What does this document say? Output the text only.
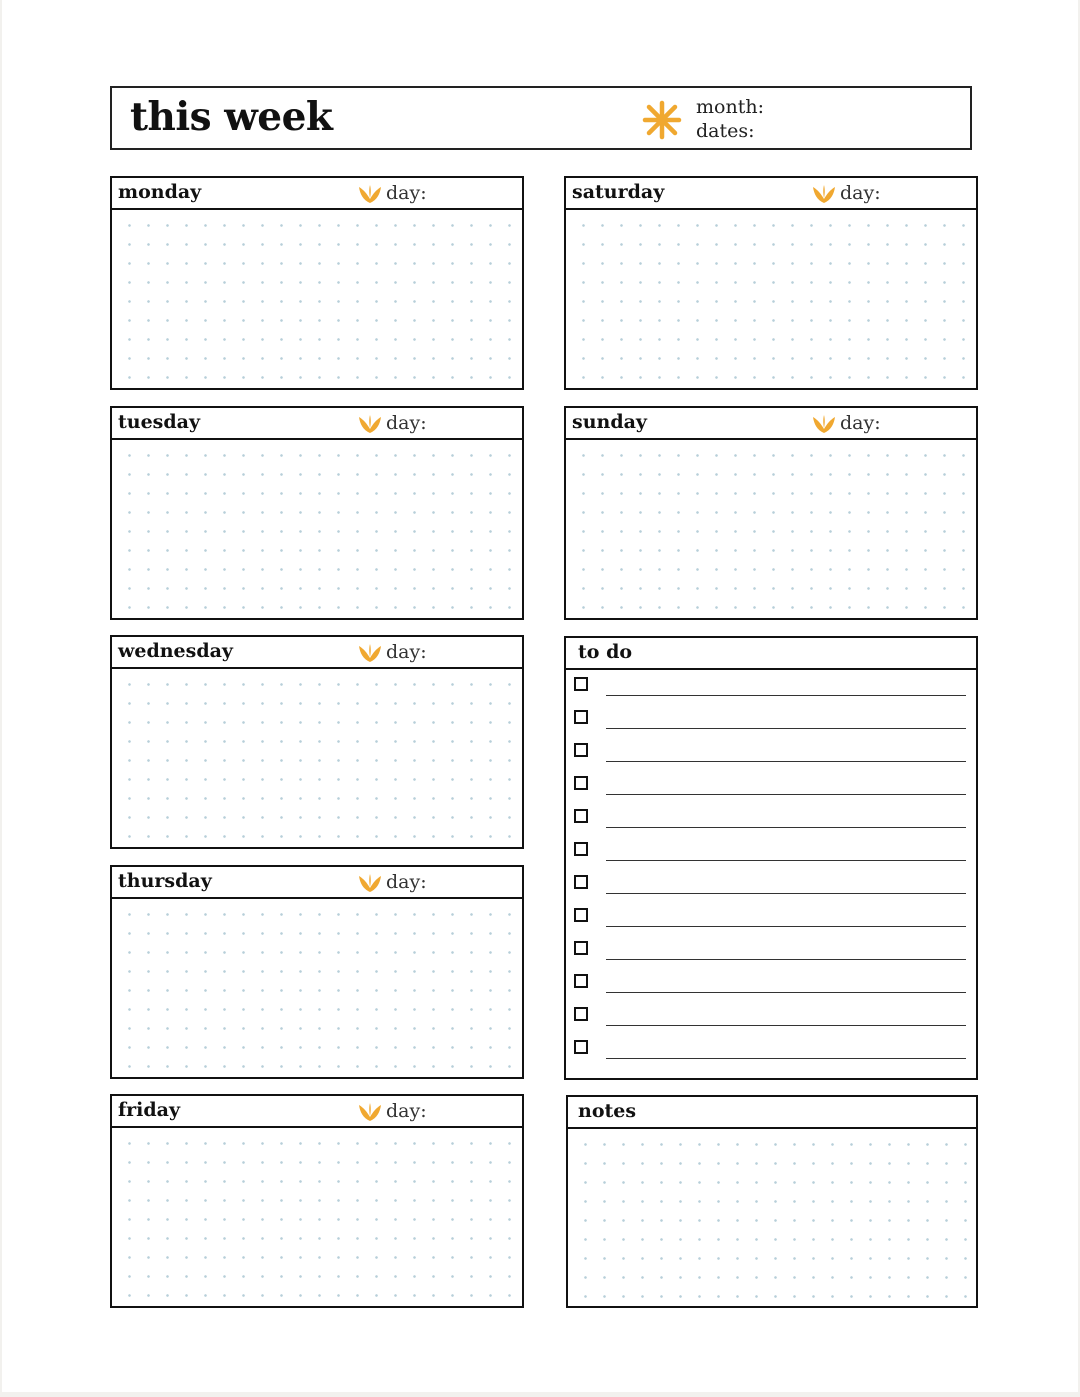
this week	month:
dates:
monday	day:
tuesday	day:
wednesday	day:
thursday	day:
friday	day:
saturday	day:
sunday	day:
to do
notes
